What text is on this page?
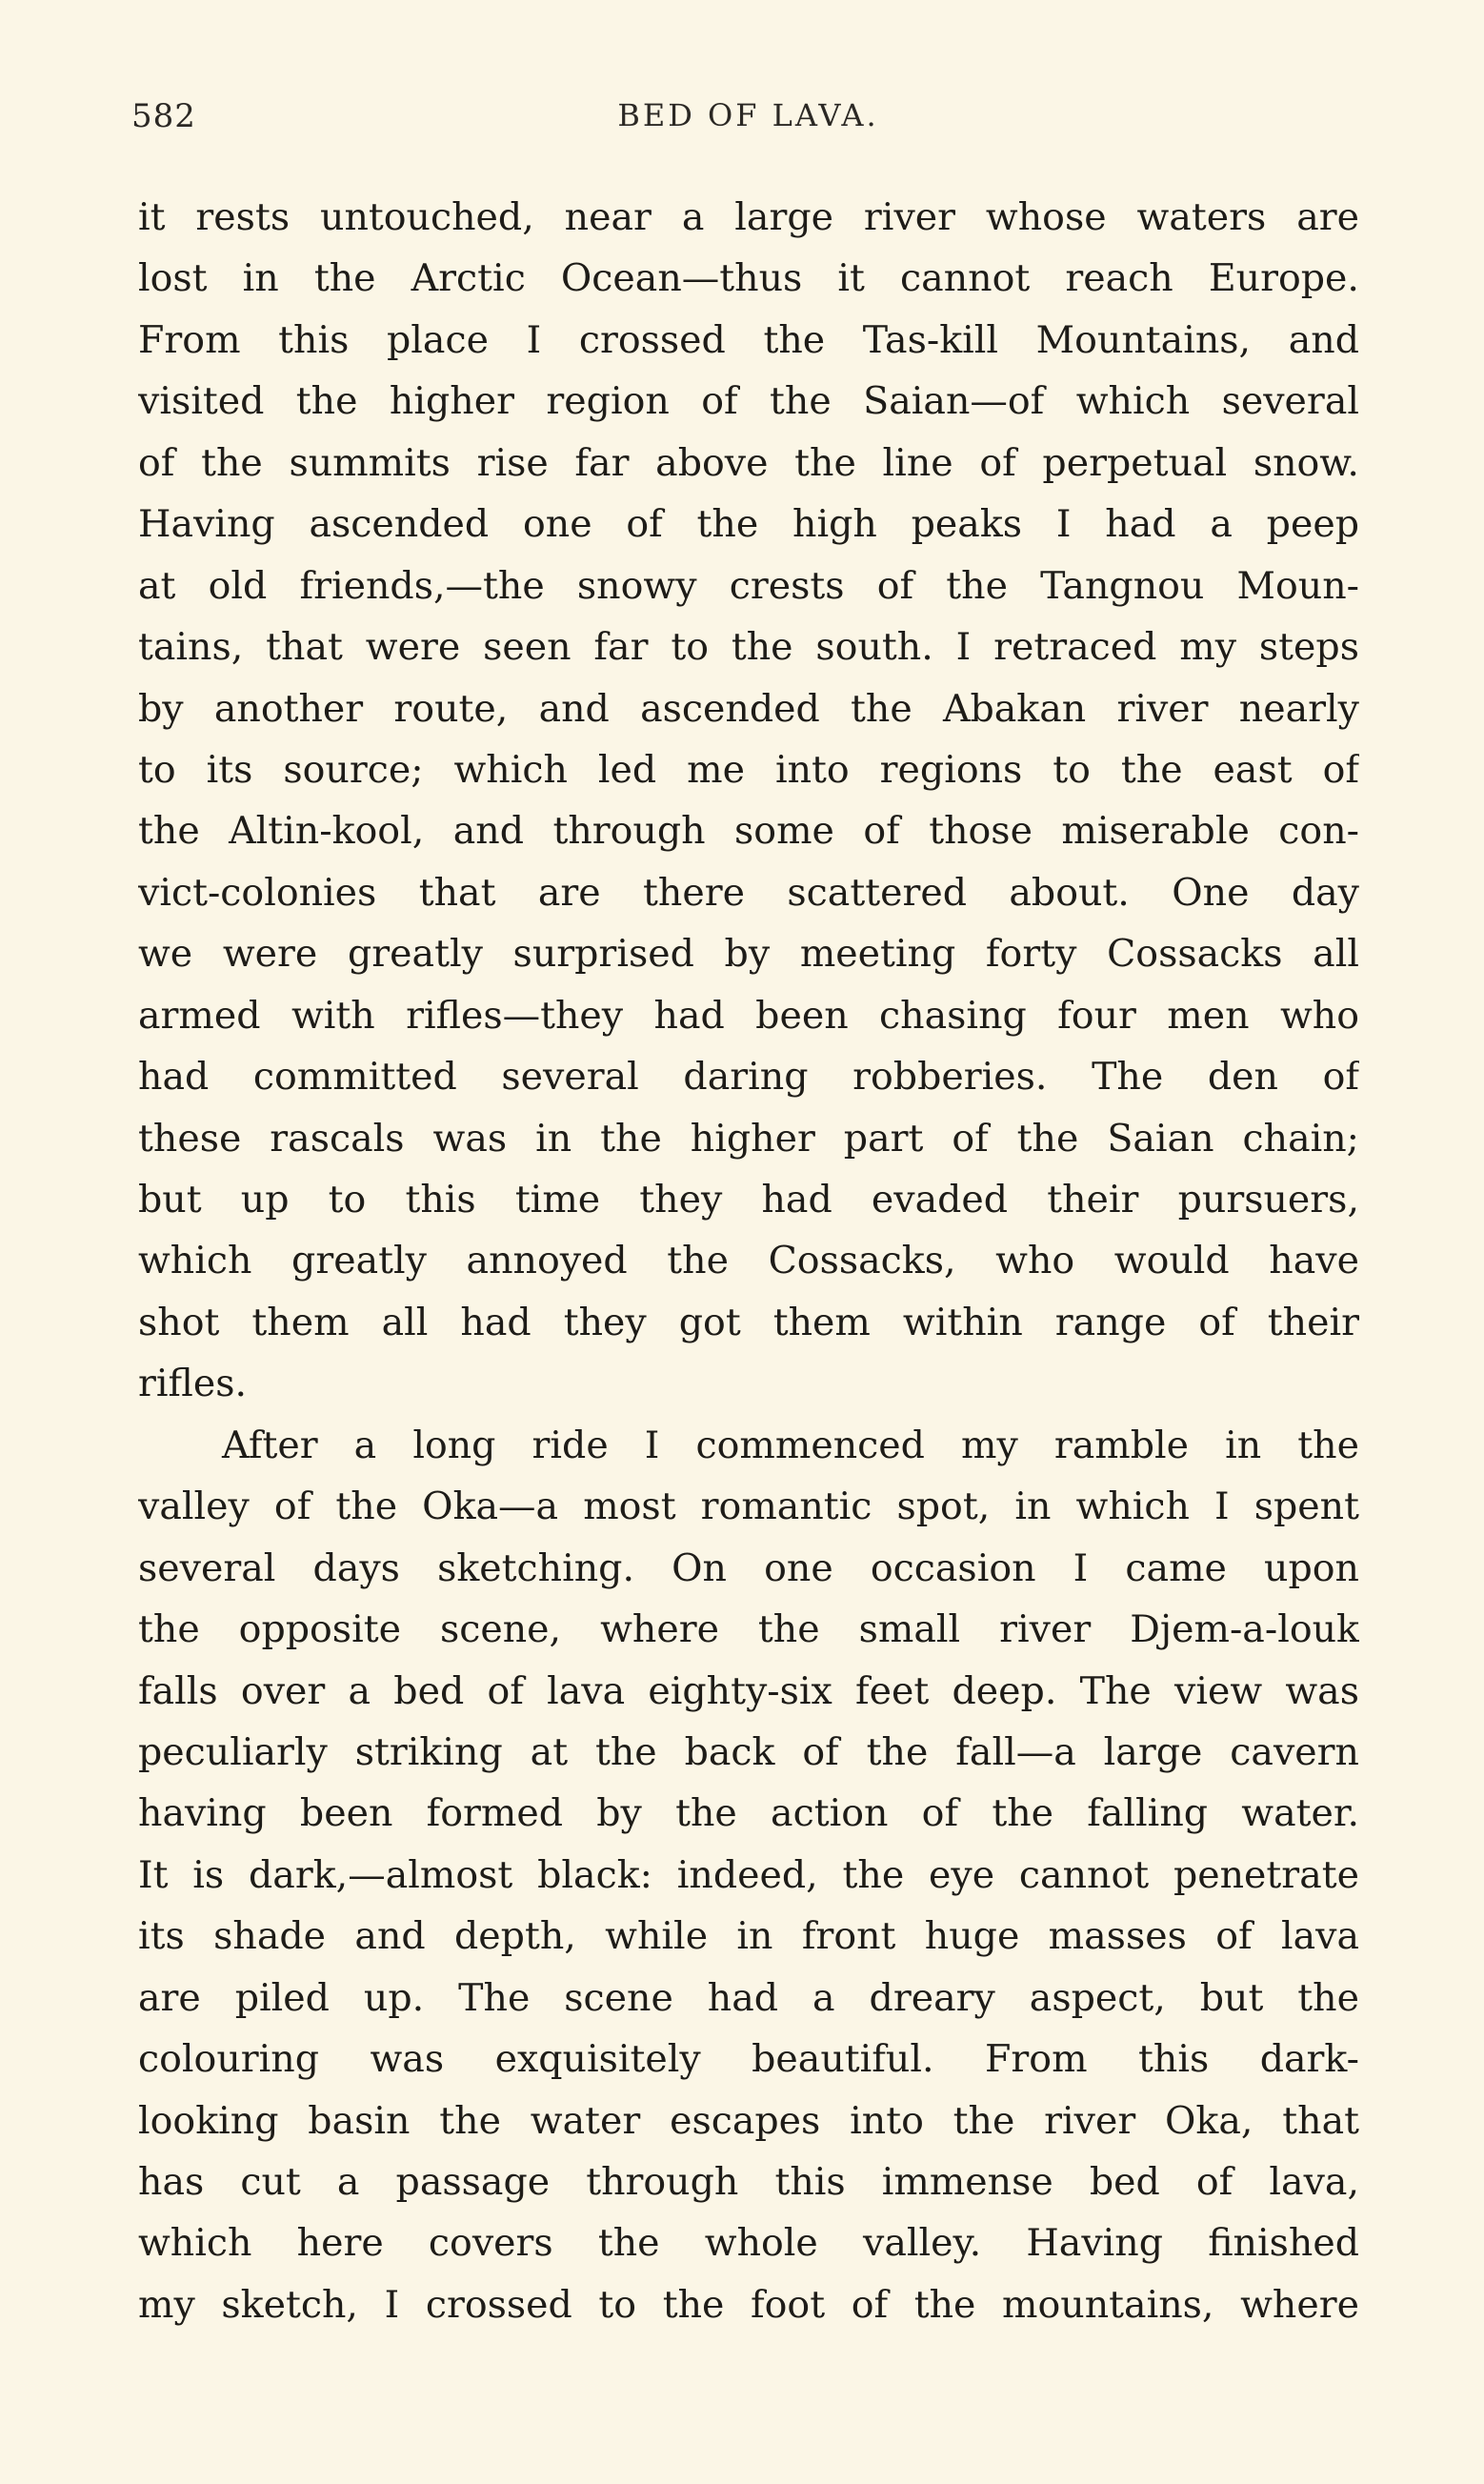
582	BED OF LAVA.
it rests untouched, near a large river whose waters are
lost in the Arctic Ocean—thus it cannot reach Europe.
From this place I crossed the Tas-kill Mountains, and
visited the higher region of the Saian—of which several
of the summits rise far above the line of perpetual snow.
Having ascended one of the high peaks I had a peep
at old friends,—the snowy crests of the Tangnou Moun-
tains, that were seen far to the south. I retraced my steps
by another route, and ascended the Abakan river nearly
to its source; which led me into regions to the east of
the Altin-kool, and through some of those miserable con-
vict-colonies that are there scattered about. One day
we were greatly surprised by meeting forty Cossacks all
armed with rifles—they had been chasing four men who
had committed several daring robberies. The den of
these rascals was in the higher part of the Saian chain;
but up to this time they had evaded their pursuers,
which greatly annoyed the Cossacks, who would have
shot them all had they got them within range of their
rifles.
After a long ride I commenced my ramble in the
valley of the Oka—a most romantic spot, in which I spent
several days sketching. On one occasion I came upon
the opposite scene, where the small river Djem-a-louk
falls over a bed of lava eighty-six feet deep. The view was
peculiarly striking at the back of the fall—a large cavern
having been formed by the action of the falling water.
It is dark,—almost black: indeed, the eye cannot penetrate
its shade and depth, while in front huge masses of lava
are piled up. The scene had a dreary aspect, but the
colouring was exquisitely beautiful. From this dark-
looking basin the water escapes into the river Oka, that
has cut a passage through this immense bed of lava,
which here covers the whole valley. Having finished
my sketch, I crossed to the foot of the mountains, where
